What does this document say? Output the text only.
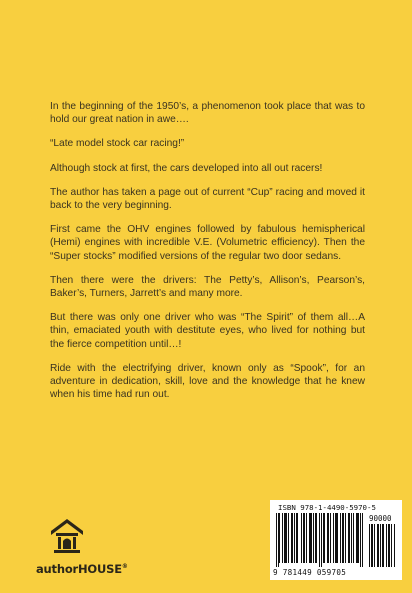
In the beginning of the 1950’s, a phenomenon took place that was to hold our great nation in awe….

“Late model stock car racing!”

Although stock at first, the cars developed into all out racers!

The author has taken a page out of current “Cup” racing and moved it back to the very beginning.

First came the OHV engines followed by fabulous hemispherical (Hemi) engines with incredible V.E. (Volumetric efficiency). Then the “Super stocks” modified versions of the regular two door sedans.

Then there were the drivers: The Petty’s, Allison’s, Pearson’s, Baker’s, Turners, Jarrett’s and many more.

But there was only one driver who was “The Spirit” of them all…A thin, emaciated youth with destitute eyes, who lived for nothing but the fierce competition until…!

Ride with the electrifying driver, known only as “Spook”, for an adventure in dedication, skill, love and the knowledge that he knew when his time had run out.

authorHOUSE®
ISBN 978-1-4490-5970-5
90000
9 781449 059705
